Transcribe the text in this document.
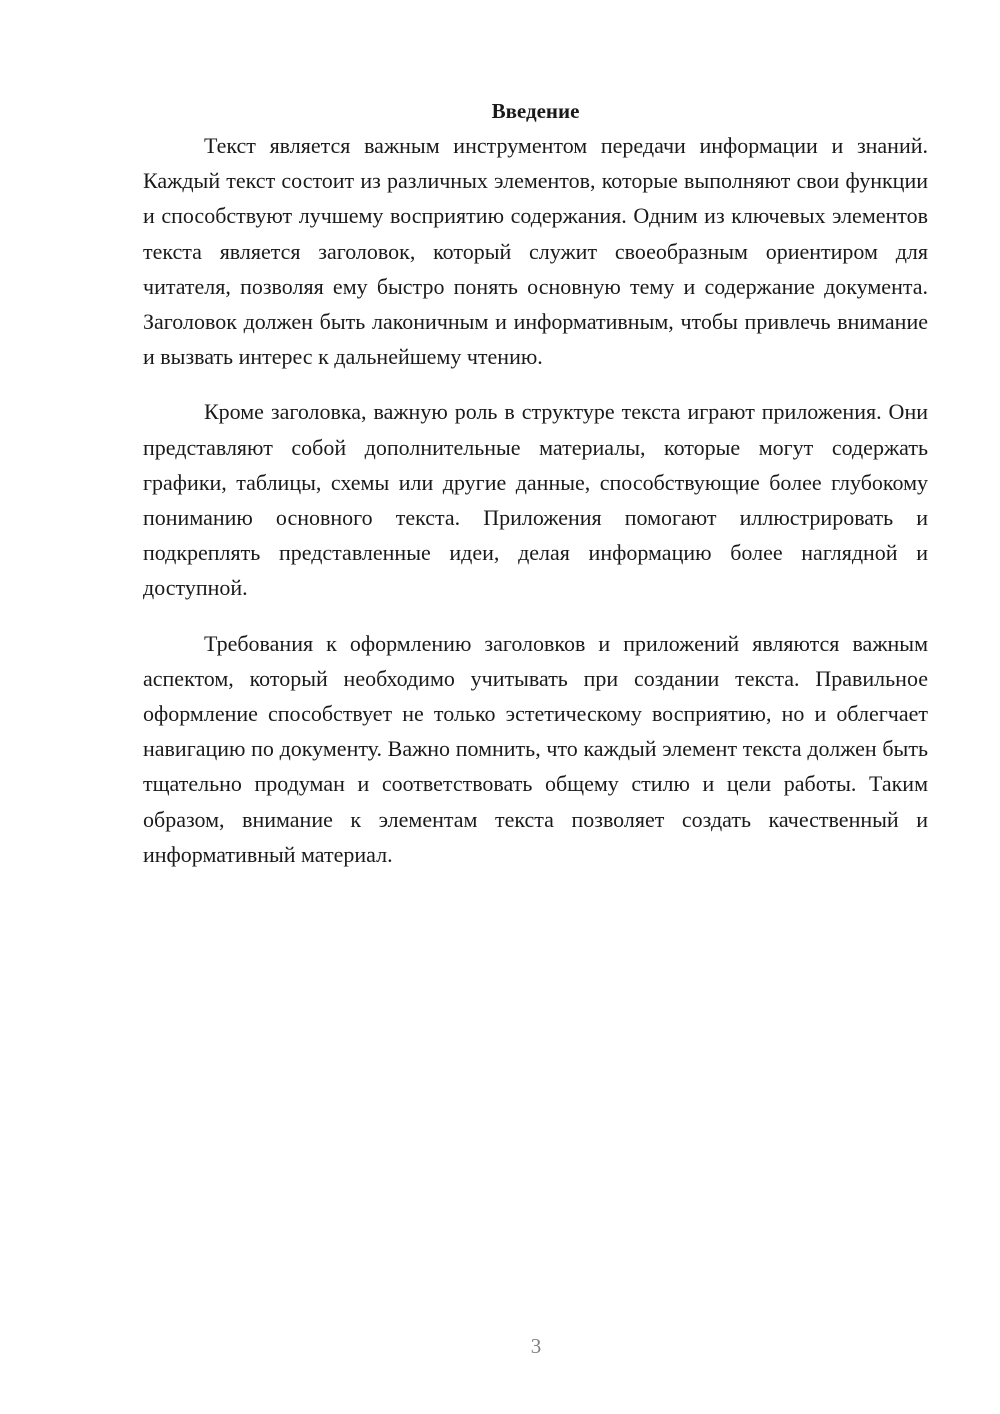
Введение

Текст является важным инструментом передачи информации и знаний. Каждый текст состоит из различных элементов, которые выполняют свои функции и способствуют лучшему восприятию содержания. Одним из ключевых элементов текста является заголовок, который служит своеобразным ориентиром для читателя, позволяя ему быстро понять основную тему и содержание документа. Заголовок должен быть лаконичным и информативным, чтобы привлечь внимание и вызвать интерес к дальнейшему чтению.

Кроме заголовка, важную роль в структуре текста играют приложения. Они представляют собой дополнительные материалы, которые могут содержать графики, таблицы, схемы или другие данные, способствующие более глубокому пониманию основного текста. Приложения помогают иллюстрировать и подкреплять представленные идеи, делая информацию более наглядной и доступной.

Требования к оформлению заголовков и приложений являются важным аспектом, который необходимо учитывать при создании текста. Правильное оформление способствует не только эстетическому восприятию, но и облегчает навигацию по документу. Важно помнить, что каждый элемент текста должен быть тщательно продуман и соответствовать общему стилю и цели работы. Таким образом, внимание к элементам текста позволяет создать качественный и информативный материал.

3
